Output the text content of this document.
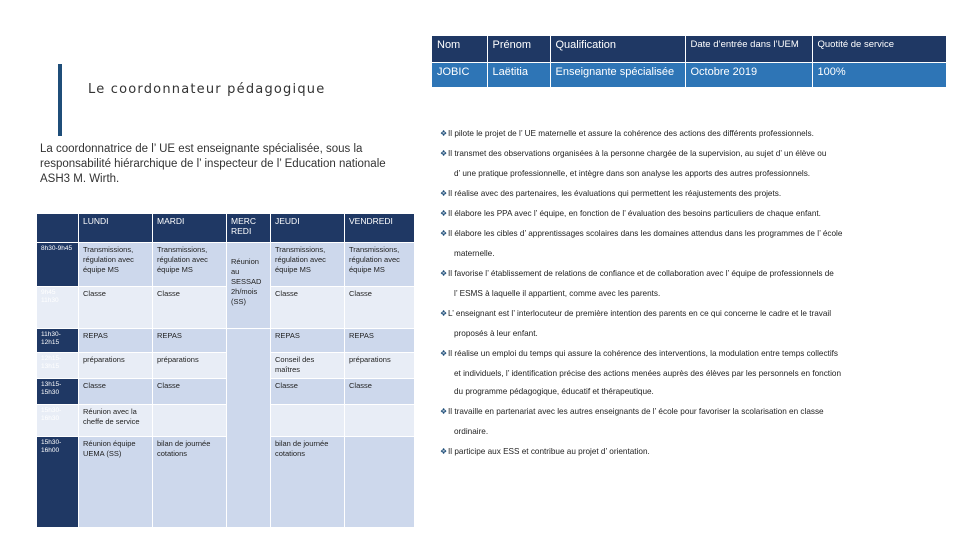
Le coordonnateur pédagogique
La coordonnatrice de l’ UE est enseignante spécialisée, sous la responsabilité hiérarchique de l’ inspecteur de l’ Education nationale ASH3 M. Wirth.
Nom	Prénom	Qualification	Date d’entrée dans l’UEM	Quotité de service
JOBIC	Laëtitia	Enseignante spécialisée	Octobre 2019	100%
	LUNDI	MARDI	MERC REDI	JEUDI	VENDREDI
8h30-9h45	Transmissions, régulation avec équipe MS	Transmissions, régulation avec équipe MS	Réunion au SESSAD 2h/mois (SS)	Transmissions, régulation avec équipe MS	Transmissions, régulation avec équipe MS
9h45 11h30	Classe	Classe		Classe	Classe
11h30-12h15	REPAS	REPAS		REPAS	REPAS
12h15-13h15	préparations	préparations		Conseil des maîtres	préparations
13h15-15h30	Classe	Classe		Classe	Classe
15h30-16h30	Réunion avec la cheffe de service				
15h30-16h00	Réunion équipe UEMA (SS)	bilan de journée cotations		bilan de journée cotations	
❖ Il pilote le projet de l’ UE maternelle et assure la cohérence des actions des différents professionnels.
❖ Il transmet des observations organisées à la personne chargée de la supervision, au sujet d’ un élève ou
d’ une pratique professionnelle, et intègre dans son analyse les apports des autres professionnels.
❖ Il réalise avec des partenaires, les évaluations qui permettent les réajustements des projets.
❖ Il élabore les PPA avec l’ équipe, en fonction de l’ évaluation des besoins particuliers de chaque enfant.
❖ Il élabore les cibles d’ apprentissages scolaires dans les domaines attendus dans les programmes de l’ école
maternelle.
❖ Il favorise l’ établissement de relations de confiance et de collaboration avec l’ équipe de professionnels de
l’ ESMS à laquelle il appartient, comme avec les parents.
❖ L’ enseignant est l’ interlocuteur de première intention des parents en ce qui concerne le cadre et le travail
proposés à leur enfant.
❖ Il réalise un emploi du temps qui assure la cohérence des interventions, la modulation entre temps collectifs
et individuels, l’ identification précise des actions menées auprès des élèves par les personnels en fonction
du programme pédagogique, éducatif et thérapeutique.
❖ Il travaille en partenariat avec les autres enseignants de l’ école pour favoriser la scolarisation en classe
ordinaire.
❖ Il participe aux ESS et contribue au projet d’ orientation.
